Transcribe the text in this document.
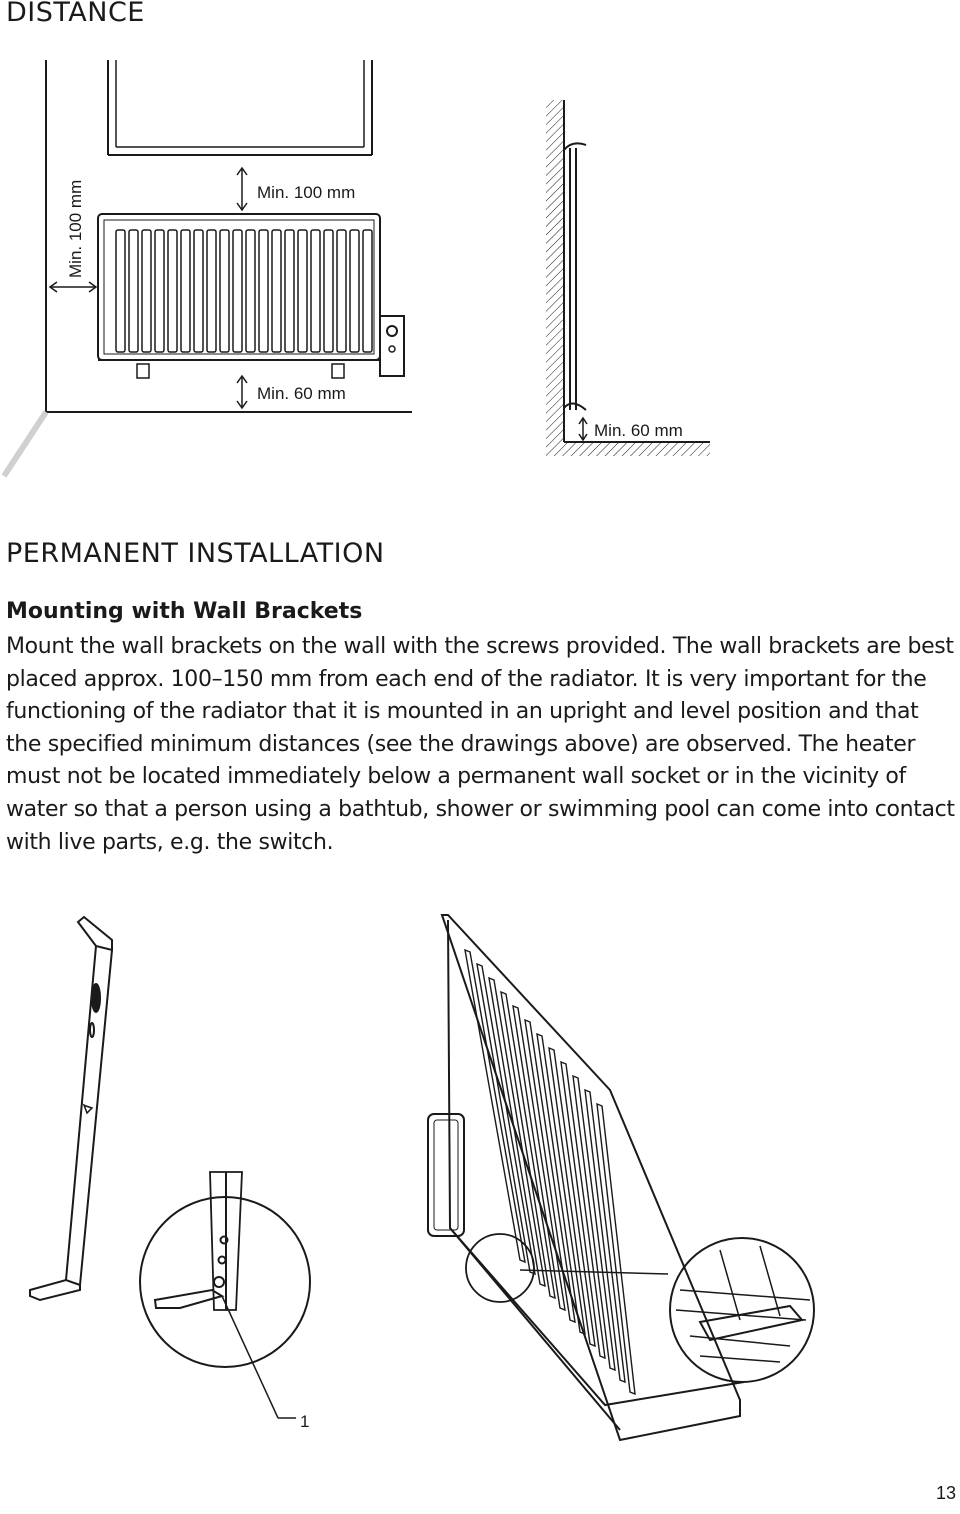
DISTANCE
Min. 100 mm	Min. 100 mm
Min. 60 mm
Min. 60 mm
PERMANENT INSTALLATION
Mounting with Wall Brackets

Mount the wall brackets on the wall with the screws provided. The wall brackets are best placed approx. 100–150 mm from each end of the radiator. It is very important for the functioning of the radiator that it is mounted in an upright and level position and that the specified minimum distances (see the drawings above) are observed. The heater must not be located immediately below a permanent wall socket or in the vicinity of water so that a person using a bathtub, shower or swimming pool can come into contact with live parts, e.g. the switch.

1
13
